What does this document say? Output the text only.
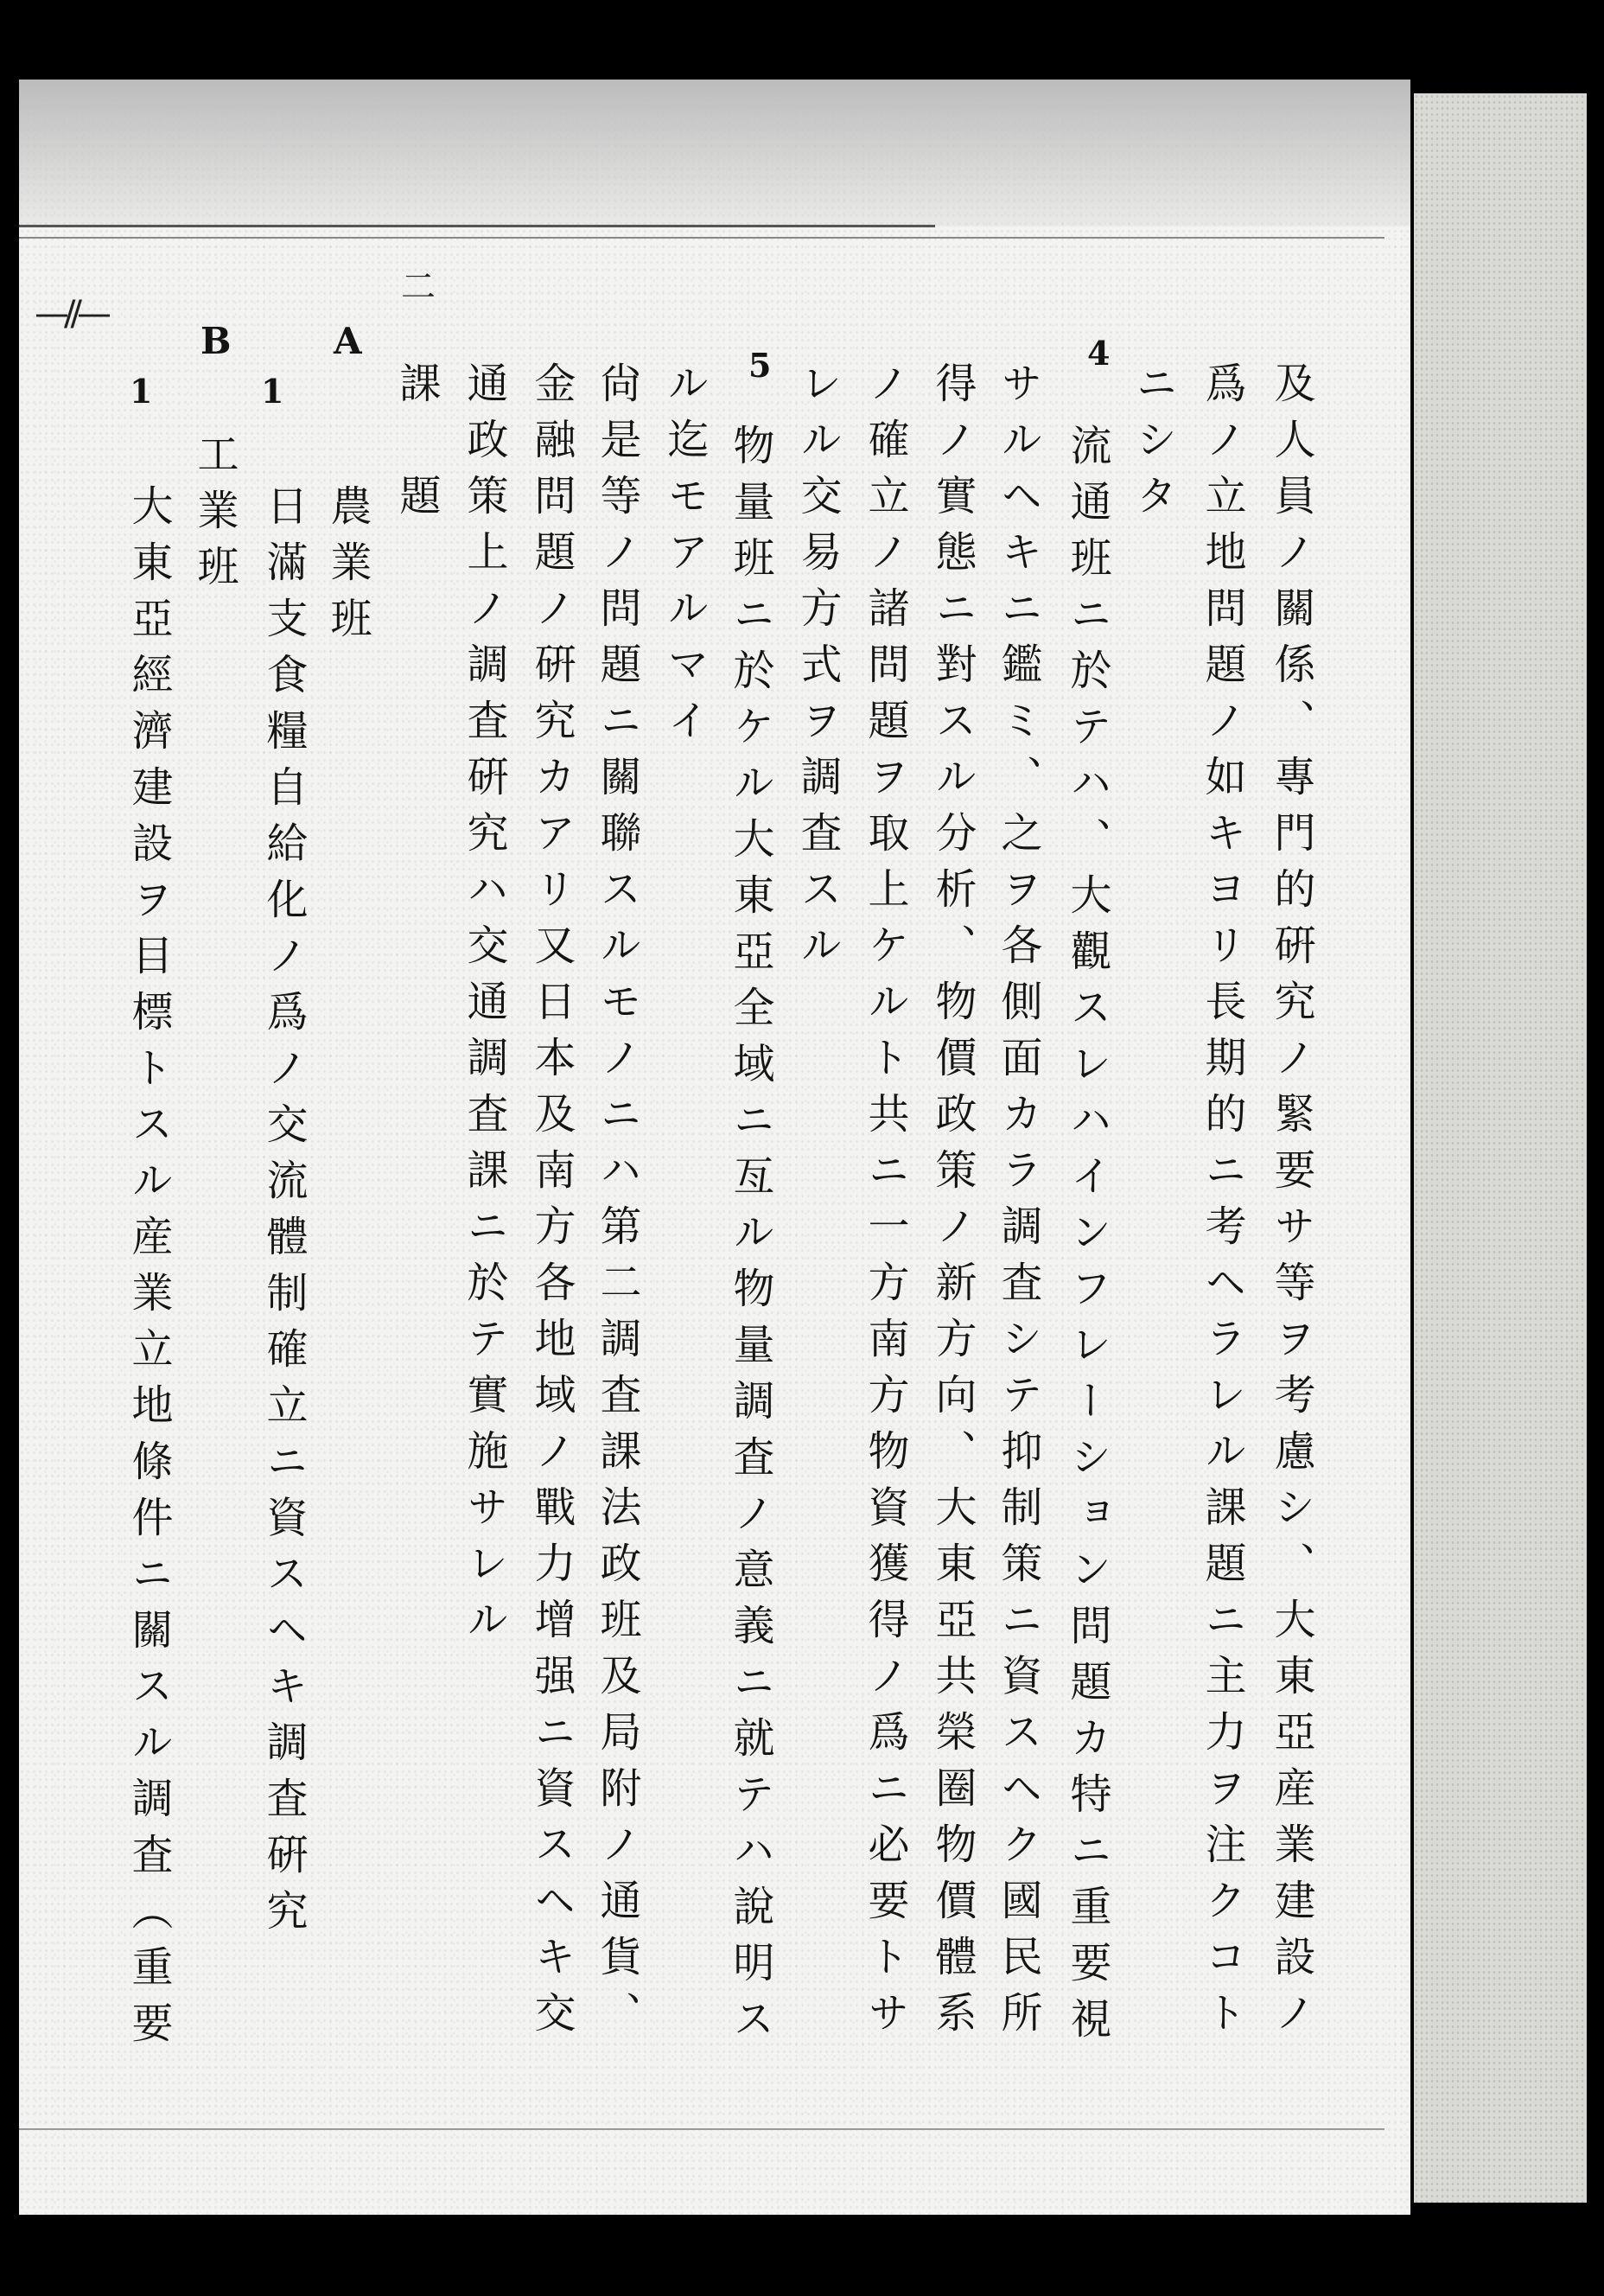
二
—//—
及人員ノ關係、專門的硏究ノ緊要サ等ヲ考慮シ、大東亞産業建設ノ
爲ノ立地問題ノ如キヨリ長期的ニ考ヘラレル課題ニ主力ヲ注クコト
ニシタ
4
流通班ニ於テハ、大觀スレハインフレーション問題カ特ニ重要視
サルヘキニ鑑ミ、之ヲ各側面カラ調査シテ抑制策ニ資スヘク國民所
得ノ實態ニ對スル分析、物價政策ノ新方向、大東亞共榮圈物價體系
ノ確立ノ諸問題ヲ取上ケルト共ニ一方南方物資獲得ノ爲ニ必要トサ
レル交易方式ヲ調査スル
5
物量班ニ於ケル大東亞全域ニ亙ル物量調査ノ意義ニ就テハ說明ス
ル迄モアルマイ
尙是等ノ問題ニ關聯スルモノニハ第二調査課法政班及局附ノ通貨、
金融問題ノ硏究カアリ又日本及南方各地域ノ戰力增强ニ資スヘキ交
通政策上ノ調査硏究ハ交通調査課ニ於テ實施サレル
課　題
A
農業班
1
日滿支食糧自給化ノ爲ノ交流體制確立ニ資スヘキ調査硏究
B
工業班
1
大東亞經濟建設ヲ目標トスル産業立地條件ニ關スル調査（重要
